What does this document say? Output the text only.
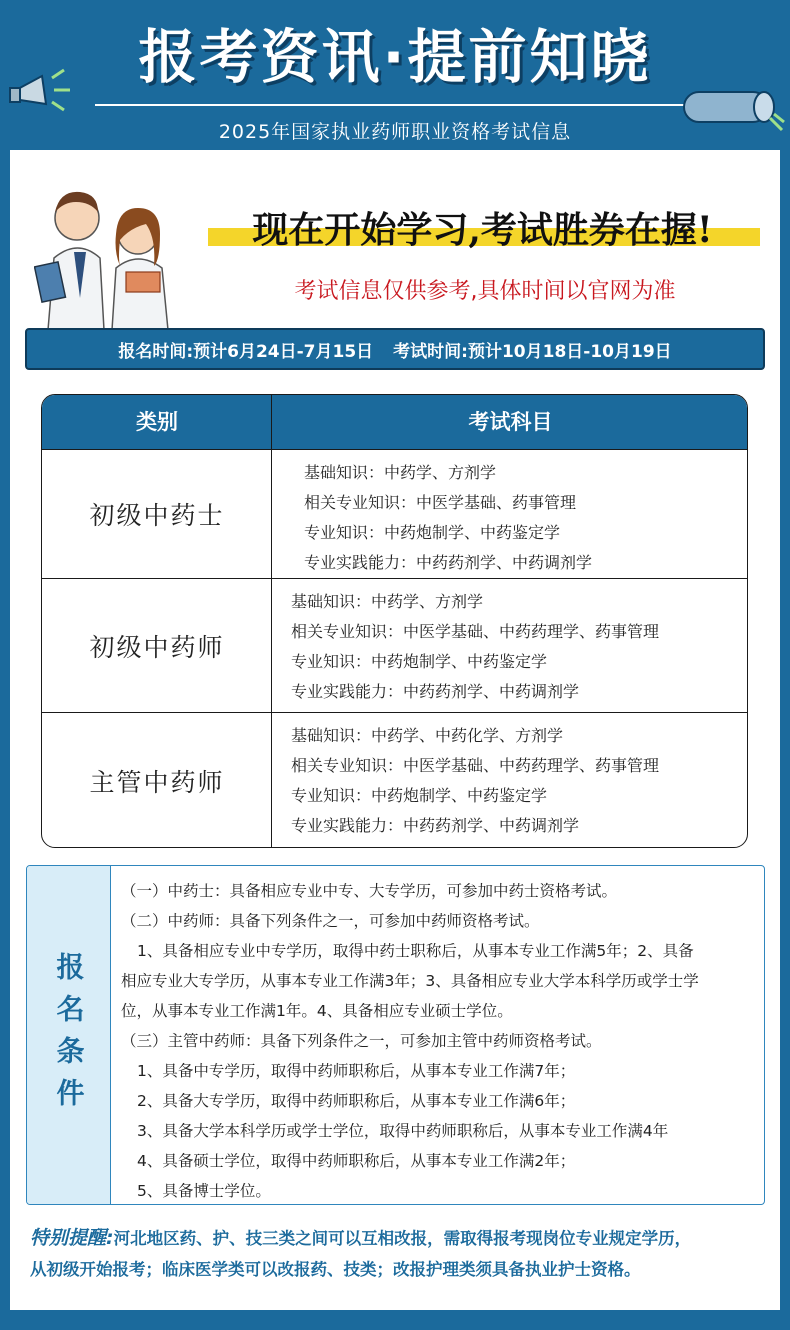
报考资讯·提前知晓
2025年国家执业药师职业资格考试信息
现在开始学习,考试胜券在握!
考试信息仅供参考,具体时间以官网为准
报名时间:预计6月24日-7月15日 考试时间:预计10月18日-10月19日
类别	考试科目
初级中药士
基础知识：中药学、方剂学
相关专业知识：中医学基础、药事管理
专业知识：中药炮制学、中药鉴定学
专业实践能力：中药药剂学、中药调剂学
初级中药师
基础知识：中药学、方剂学
相关专业知识：中医学基础、中药药理学、药事管理
专业知识：中药炮制学、中药鉴定学
专业实践能力：中药药剂学、中药调剂学
主管中药师
基础知识：中药学、中药化学、方剂学
相关专业知识：中医学基础、中药药理学、药事管理
专业知识：中药炮制学、中药鉴定学
专业实践能力：中药药剂学、中药调剂学
报名条件
（一）中药士：具备相应专业中专、大专学历，可参加中药士资格考试。
（二）中药师：具备下列条件之一，可参加中药师资格考试。
1、具备相应专业中专学历，取得中药士职称后，从事本专业工作满5年；2、具备
相应专业大专学历，从事本专业工作满3年；3、具备相应专业大学本科学历或学士学
位，从事本专业工作满1年。4、具备相应专业硕士学位。
（三）主管中药师：具备下列条件之一，可参加主管中药师资格考试。
1、具备中专学历，取得中药师职称后，从事本专业工作满7年；
2、具备大专学历，取得中药师职称后，从事本专业工作满6年；
3、具备大学本科学历或学士学位，取得中药师职称后，从事本专业工作满4年
4、具备硕士学位，取得中药师职称后，从事本专业工作满2年；
5、具备博士学位。
特别提醒:河北地区药、护、技三类之间可以互相改报，需取得报考现岗位专业规定学历，
从初级开始报考；临床医学类可以改报药、技类；改报护理类须具备执业护士资格。
